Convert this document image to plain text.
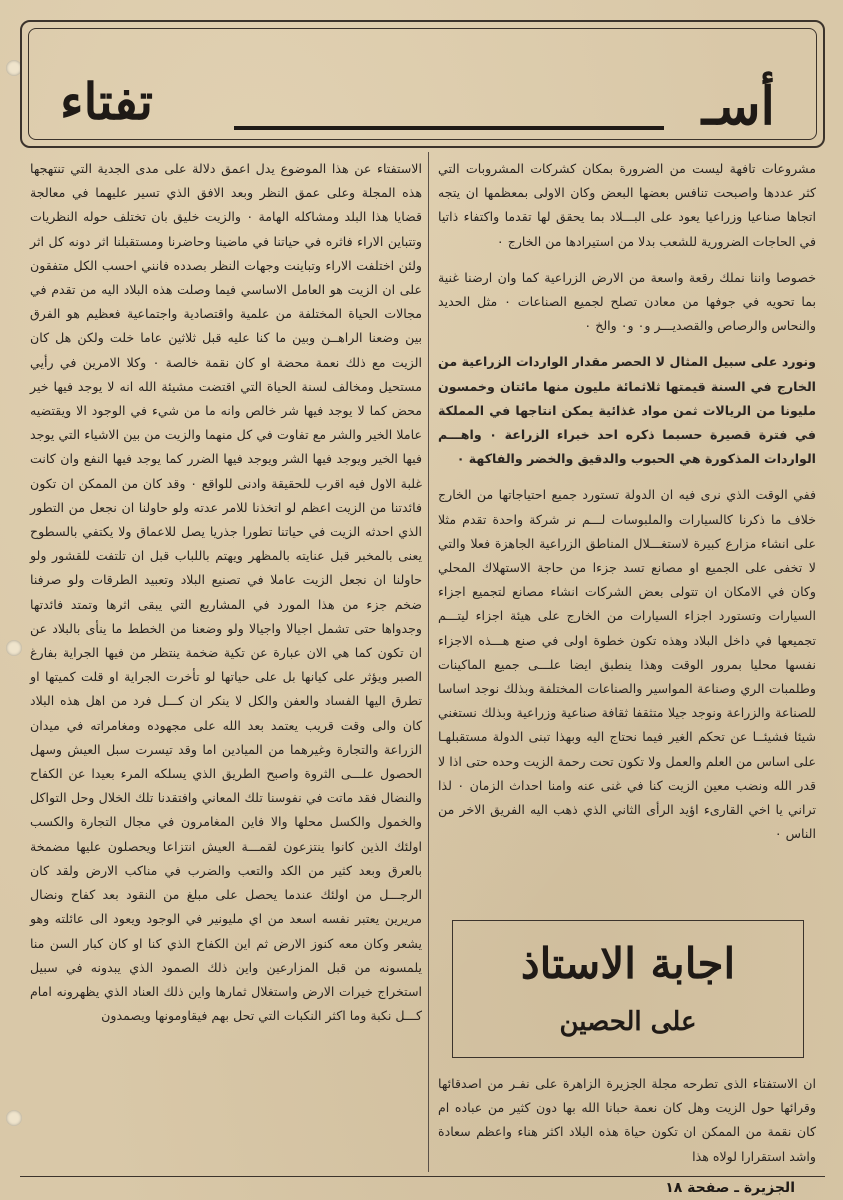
أسـ
تفتاء

مشروعات تافهة ليست من الضرورة بمكان كشركات المشروبات التي كثر عددها واصبحت تنافس بعضها البعض وكان الاولى بمعظمها ان يتجه اتجاها صناعيا وزراعيا يعود على البـــلاد بما يحقق لها تقدما واكتفاء ذاتيا في الحاجات الضرورية للشعب بدلا من استيرادها من الخارج ٠

خصوصا واننا نملك رقعة واسعة من الارض الزراعية كما وان ارضنا غنية بما تحويه في جوفها من معادن تصلح لجميع الصناعات ٠ مثل الحديد والنحاس والرصاص والقصديـــر و٠ و٠ والخ ٠

ونورد على سبيل المثال لا الحصر مقدار الواردات الزراعية من الخارج في السنة قيمتها ثلاثمائة مليون منها مائتان وخمسون مليونا من الريالات ثمن مواد غذائية يمكن انتاجها في المملكة في فترة قصيرة حسبما ذكره احد خبراء الزراعة ٠ واهـــم الواردات المذكورة هي الحبوب والدقيق والخضر والفاكهة ٠

ففي الوقت الذي نرى فيه ان الدولة تستورد جميع احتياجاتها من الخارج خلاف ما ذكرنا كالسيارات والملبوسات لـــم نر شركة واحدة تقدم مثلا على انشاء مزارع كبيرة لاستغـــلال المناطق الزراعية الجاهزة فعلا والتي لا تخفى على الجميع او مصانع تسد جزءا من حاجة الاستهلاك المحلي وكان في الامكان ان تتولى بعض الشركات انشاء مصانع لتجميع اجزاء السيارات وتستورد اجزاء السيارات من الخارج على هيئة اجزاء ليتـــم تجميعها في داخل البلاد وهذه تكون خطوة اولى في صنع هـــذه الاجزاء نفسها محليا بمرور الوقت وهذا ينطبق ايضا علـــى جميع الماكينات وطلمبات الري وصناعة المواسير والصناعات المختلفة وبذلك نوجد اساسا للصناعة والزراعة ونوجد جيلا متثقفا ثقافة صناعية وزراعية وبذلك نستغني شيئا فشيئــا عن تحكم الغير فيما نحتاج اليه وبهذا تبنى الدولة مستقبلهـا على اساس من العلم والعمل ولا تكون تحت رحمة الزيت وحده حتى اذا لا قدر الله ونضب معين الزيت كنا في غنى عنه وامنا احداث الزمان ٠ لذا تراني يا اخي القارىء اؤيد الرأى الثاني الذي ذهب اليه الفريق الاخر من الناس ٠

الاستفتاء عن هذا الموضوع يدل اعمق دلالة على مدى الجدية التي تنتهجها هذه المجلة وعلى عمق النظر وبعد الافق الذي تسير عليهما في معالجة قضايا هذا البلد ومشاكله الهامة ٠ والزيت خليق بان تختلف حوله النظريات وتتباين الاراء فاثره في حياتنا في ماضينا وحاضرنا ومستقبلنا اثر دونه كل اثر ولئن اختلفت الاراء وتباينت وجهات النظر بصدده فانني احسب الكل متفقون على ان الزيت هو العامل الاساسي فيما وصلت هذه البلاد اليه من تقدم في مجالات الحياة المختلفة من علمية واقتصادية واجتماعية فعظيم هو الفرق بين وضعنا الراهــن وبين ما كنا عليه قبل ثلاثين عاما خلت ولكن هل كان الزيت مع ذلك نعمة محضة او كان نقمة خالصة ٠ وكلا الامرين في رأيي مستحيل ومخالف لسنة الحياة التي اقتضت مشيئة الله انه لا يوجد فيها خير محض كما لا يوجد فيها شر خالص وانه ما من شيء في الوجود الا ويقتضيه عاملا الخير والشر مع تفاوت في كل منهما والزيت من بين الاشياء التي يوجد فيها الخير ويوجد فيها الشر ويوجد فيها الضرر كما يوجد فيها النفع وان كانت غلبة الاول فيه اقرب للحقيقة وادنى للواقع ٠ وقد كان من الممكن ان تكون فائدتنا من الزيت اعظم لو اتخذنا للامر عدته ولو حاولنا ان نجعل من التطور الذي احدثه الزيت في حياتنا تطورا جذريا يصل للاعماق ولا يكتفي بالسطوح يعنى بالمخبر قبل عنايته بالمظهر ويهتم باللباب قبل ان تلتفت للقشور ولو حاولنا ان نجعل الزيت عاملا في تصنيع البلاد وتعبيد الطرقات ولو صرفنا ضخم جزء من هذا المورد في المشاريع التي يبقى اثرها وتمتد فائدتها وجدواها حتى تشمل اجيالا واجيالا ولو وضعنا من الخطط ما ينأى بالبلاد عن ان تكون كما هي الان عبارة عن تكية ضخمة ينتظر من فيها الجراية بفارغ الصبر ويؤثر على كيانها بل على حياتها لو تأخرت الجراية او قلت كميتها او تطرق اليها الفساد والعفن والكل لا ينكر ان كـــل فرد من اهل هذه البلاد كان والى وقت قريب يعتمد بعد الله على مجهوده ومغامراته في ميدان الزراعة والتجارة وغيرهما من الميادين اما وقد تيسرت سبل العيش وسهل الحصول علـــى الثروة واصبح الطريق الذي يسلكه المرء بعيدا عن الكفاح والنضال فقد ماتت في نفوسنا تلك المعاني وافتقدنا تلك الخلال وحل التواكل والخمول والكسل محلها والا فاين المغامرون في مجال التجارة والكسب اولئك الذين كانوا ينتزعون لقمـــة العيش انتزاعا ويحصلون عليها مضمخة بالعرق وبعد كثير من الكد والتعب والضرب في مناكب الارض ولقد كان الرجـــل من اولئك عندما يحصل على مبلغ من النقود بعد كفاح ونضال مريرين يعتبر نفسه اسعد من اي مليونير في الوجود ويعود الى عائلته وهو يشعر وكان معه كنوز الارض ثم اين الكفاح الذي كنا او كان كبار السن منا يلمسونه من قبل المزارعين واين ذلك الصمود الذي يبدونه في سبيل استخراج خيرات الارض واستغلال ثمارها واين ذلك العناد الذي يظهرونه امام كـــل نكبة وما اكثر النكبات التي تحل بهم فيقاومونها ويصمدون

اجابة الاستاذ
على الحصين

ان الاستفتاء الذى تطرحه مجلة الجزيرة الزاهرة على نفـر من اصدقائها وقرائها حول الزيت وهل كان نعمة حبانا الله بها دون كثير من عباده ام كان نقمة من الممكن ان تكون حياة هذه البلاد اكثر هناء واعظم سعادة واشد استقرارا لولاه هذا

الجزيرة ـ صفحة ١٨
